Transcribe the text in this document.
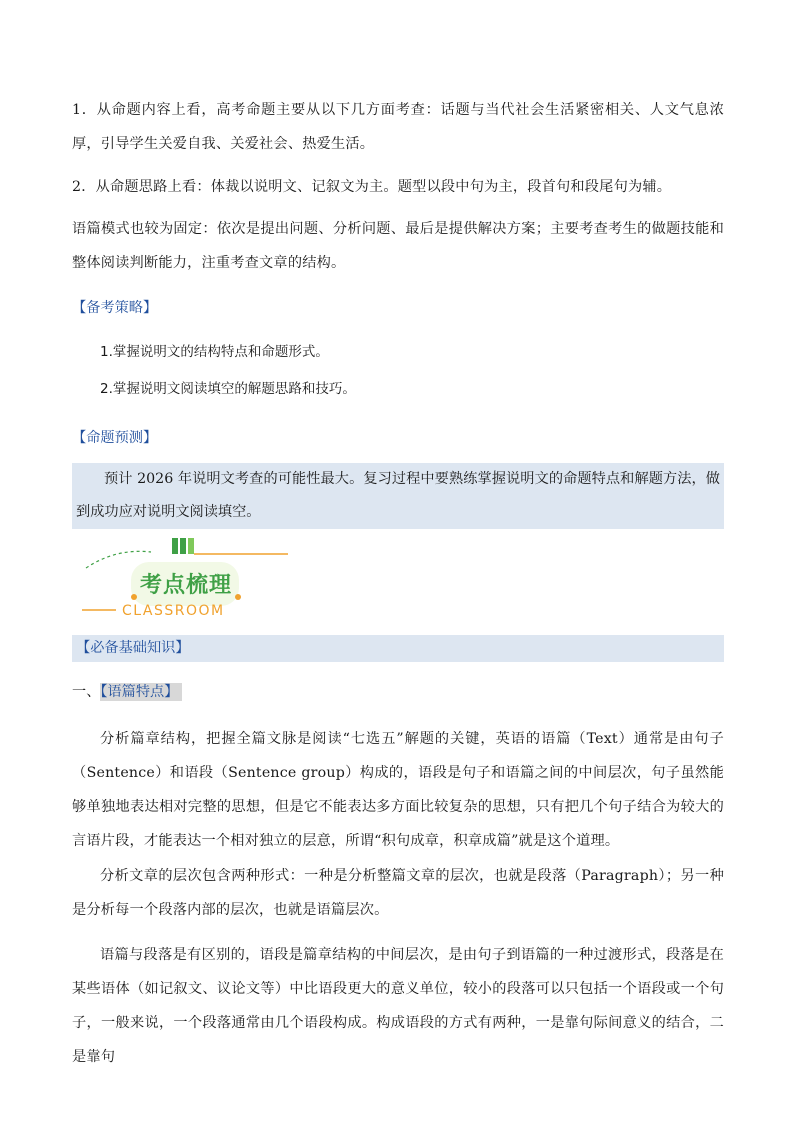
1．从命题内容上看，高考命题主要从以下几方面考查：话题与当代社会生活紧密相关、人文气息浓厚，引导学生关爱自我、关爱社会、热爱生活。

2．从命题思路上看：体裁以说明文、记叙文为主。题型以段中句为主，段首句和段尾句为辅。

语篇模式也较为固定：依次是提出问题、分析问题、最后是提供解决方案；主要考查考生的做题技能和整体阅读判断能力，注重考查文章的结构。

【备考策略】
1.掌握说明文的结构特点和命题形式。
2.掌握说明文阅读填空的解题思路和技巧。
【命题预测】

预计 2026 年说明文考查的可能性最大。复习过程中要熟练掌握说明文的命题特点和解题方法，做到成功应对说明文阅读填空。

考点梳理
CLASSROOM
【必备基础知识】
一、【语篇特点】

分析篇章结构，把握全篇文脉是阅读“七选五”解题的关键，英语的语篇（Text）通常是由句子（Sentence）和语段（Sentence group）构成的，语段是句子和语篇之间的中间层次，句子虽然能够单独地表达相对完整的思想，但是它不能表达多方面比较复杂的思想，只有把几个句子结合为较大的言语片段，才能表达一个相对独立的层意，所谓“积句成章，积章成篇”就是这个道理。

分析文章的层次包含两种形式：一种是分析整篇文章的层次，也就是段落（Paragraph）；另一种是分析每一个段落内部的层次，也就是语篇层次。

语篇与段落是有区别的，语段是篇章结构的中间层次，是由句子到语篇的一种过渡形式，段落是在某些语体（如记叙文、议论文等）中比语段更大的意义单位，较小的段落可以只包括一个语段或一个句子，一般来说，一个段落通常由几个语段构成。构成语段的方式有两种，一是靠句际间意义的结合，二是靠句
